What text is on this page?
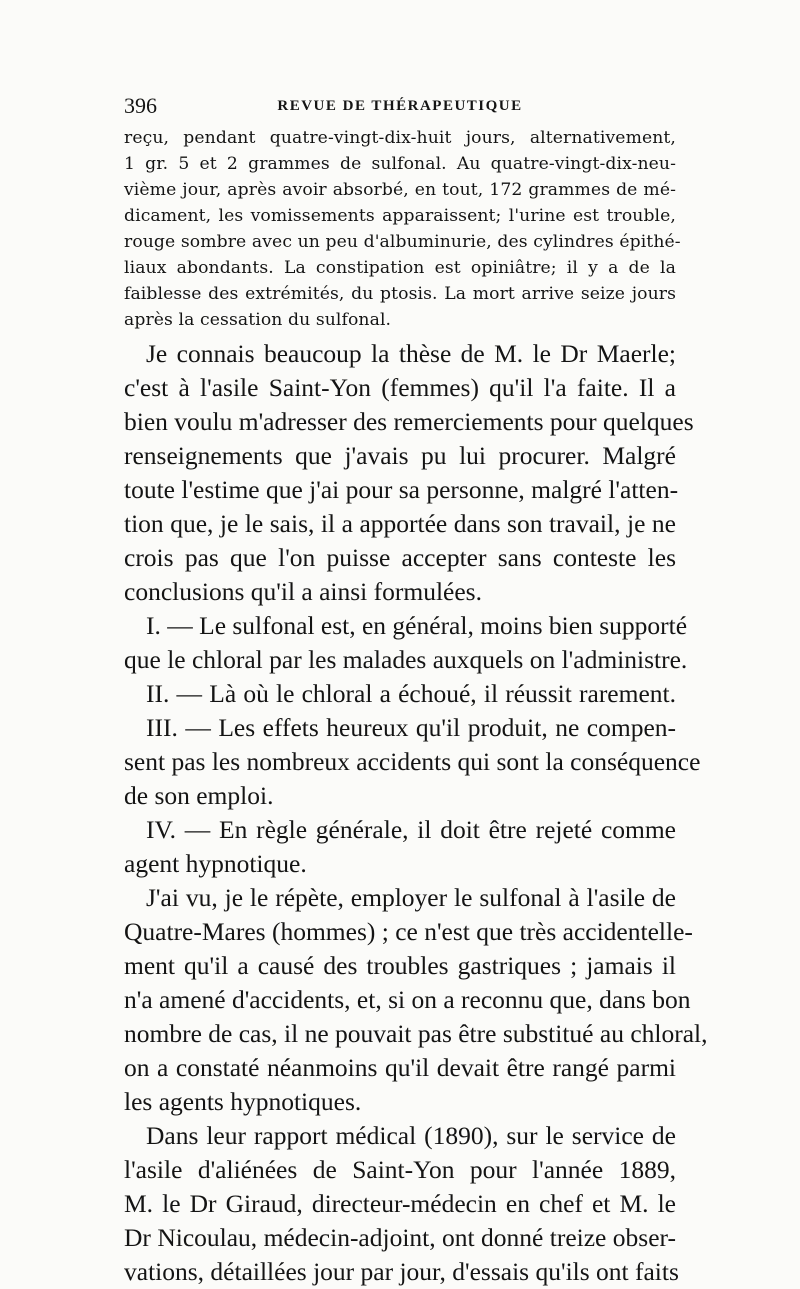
396	REVUE DE THÉRAPEUTIQUE
reçu, pendant quatre-vingt-dix-huit jours, alternativement,
1 gr. 5 et 2 grammes de sulfonal. Au quatre-vingt-dix-neu-
vième jour, après avoir absorbé, en tout, 172 grammes de mé-
dicament, les vomissements apparaissent; l'urine est trouble,
rouge sombre avec un peu d'albuminurie, des cylindres épithé-
liaux abondants. La constipation est opiniâtre; il y a de la
faiblesse des extrémités, du ptosis. La mort arrive seize jours
après la cessation du sulfonal.
Je connais beaucoup la thèse de M. le Dr Maerle;
c'est à l'asile Saint-Yon (femmes) qu'il l'a faite. Il a
bien voulu m'adresser des remerciements pour quelques
renseignements que j'avais pu lui procurer. Malgré
toute l'estime que j'ai pour sa personne, malgré l'atten-
tion que, je le sais, il a apportée dans son travail, je ne
crois pas que l'on puisse accepter sans conteste les
conclusions qu'il a ainsi formulées.
I. — Le sulfonal est, en général, moins bien supporté
que le chloral par les malades auxquels on l'administre.
II. — Là où le chloral a échoué, il réussit rarement.
III. — Les effets heureux qu'il produit, ne compen-
sent pas les nombreux accidents qui sont la conséquence
de son emploi.
IV. — En règle générale, il doit être rejeté comme
agent hypnotique.
J'ai vu, je le répète, employer le sulfonal à l'asile de
Quatre-Mares (hommes) ; ce n'est que très accidentelle-
ment qu'il a causé des troubles gastriques ; jamais il
n'a amené d'accidents, et, si on a reconnu que, dans bon
nombre de cas, il ne pouvait pas être substitué au chloral,
on a constaté néanmoins qu'il devait être rangé parmi
les agents hypnotiques.
Dans leur rapport médical (1890), sur le service de
l'asile d'aliénées de Saint-Yon pour l'année 1889,
M. le Dr Giraud, directeur-médecin en chef et M. le
Dr Nicoulau, médecin-adjoint, ont donné treize obser-
vations, détaillées jour par jour, d'essais qu'ils ont faits
